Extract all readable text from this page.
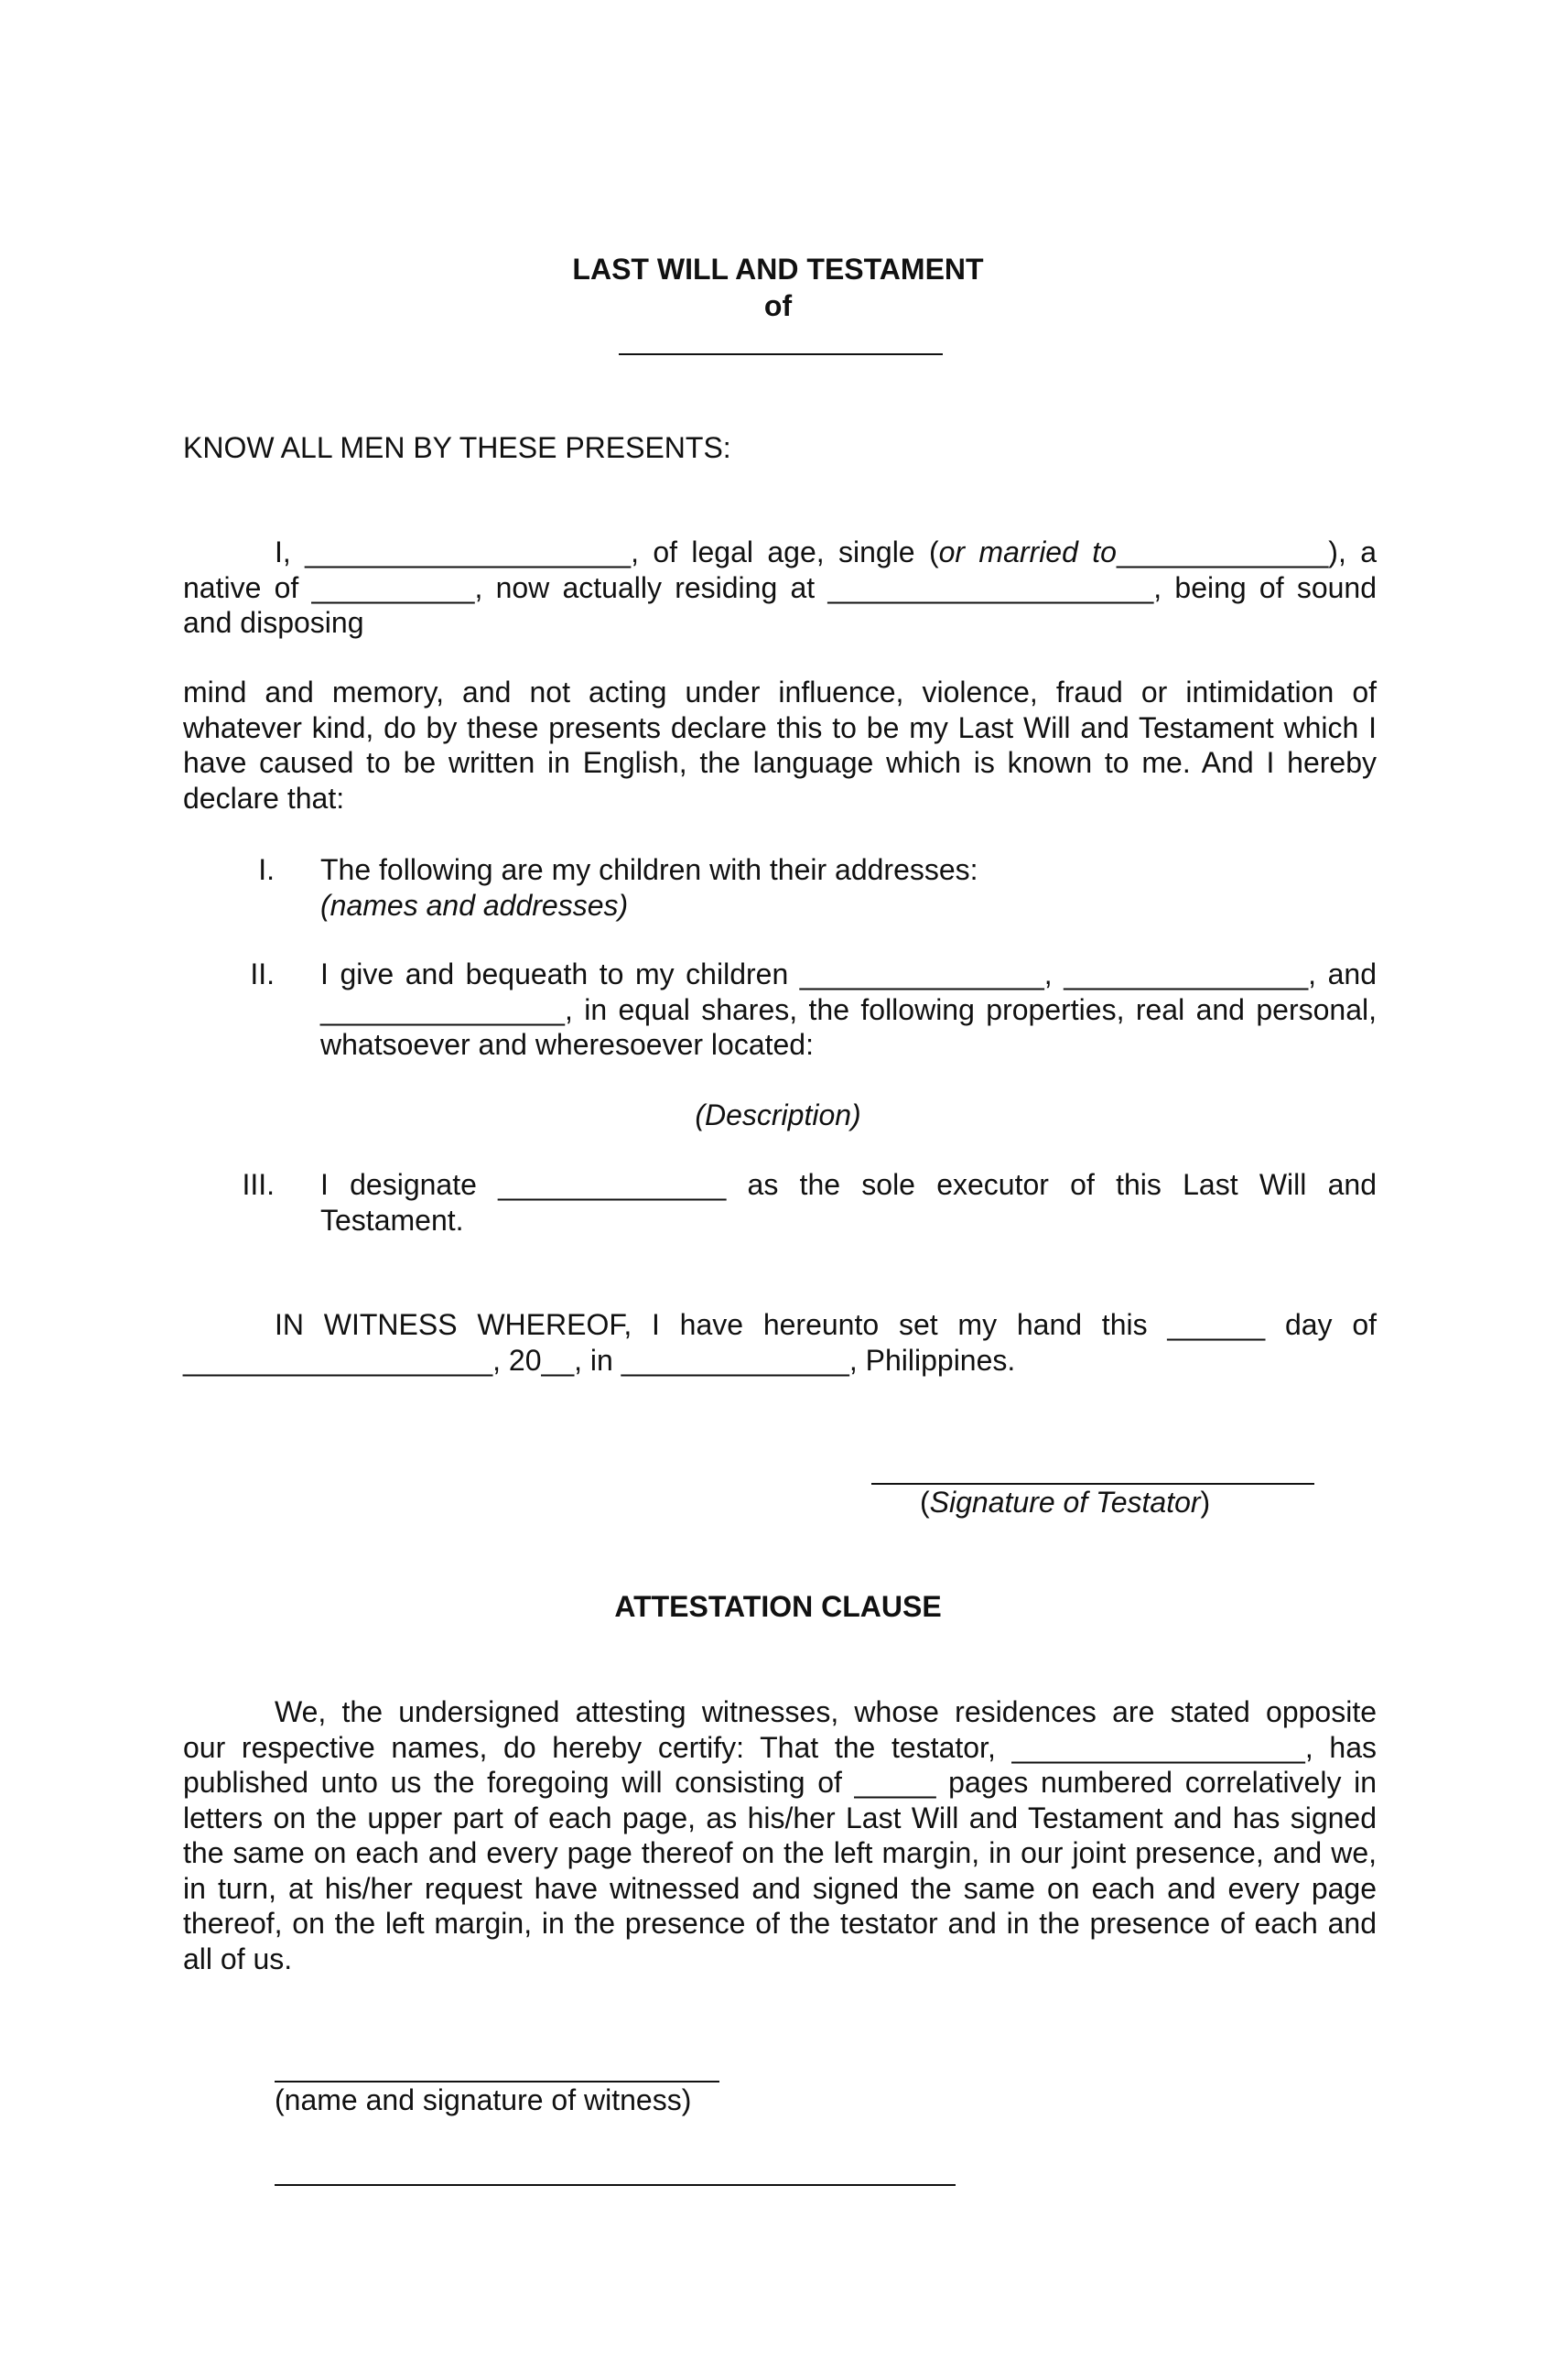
LAST WILL AND TESTAMENT
of
KNOW ALL MEN BY THESE PRESENTS:
I, ____________________, of legal age, single (or married to_____________), a
native of __________, now actually residing at ____________________, being of sound
and disposing
mind and memory, and not acting under influence, violence, fraud or intimidation of
whatever kind, do by these presents declare this to be my Last Will and Testament which I
have caused to be written in English, the language which is known to me. And I hereby
declare that:
I. The following are my children with their addresses:
(names and addresses)
II. I give and bequeath to my children _______________, _______________, and
_______________, in equal shares, the following properties, real and personal,
whatsoever and wheresoever located:
(Description)
III. I designate ______________ as the sole executor of this Last Will and
Testament.
IN WITNESS WHEREOF, I have hereunto set my hand this ______ day of
___________________, 20__, in ______________, Philippines.
(Signature of Testator)
ATTESTATION CLAUSE
We, the undersigned attesting witnesses, whose residences are stated opposite
our respective names, do hereby certify: That the testator, __________________, has
published unto us the foregoing will consisting of _____ pages numbered correlatively in
letters on the upper part of each page, as his/her Last Will and Testament and has signed
the same on each and every page thereof on the left margin, in our joint presence, and we,
in turn, at his/her request have witnessed and signed the same on each and every page
thereof, on the left margin, in the presence of the testator and in the presence of each and
all of us.
(name and signature of witness)
